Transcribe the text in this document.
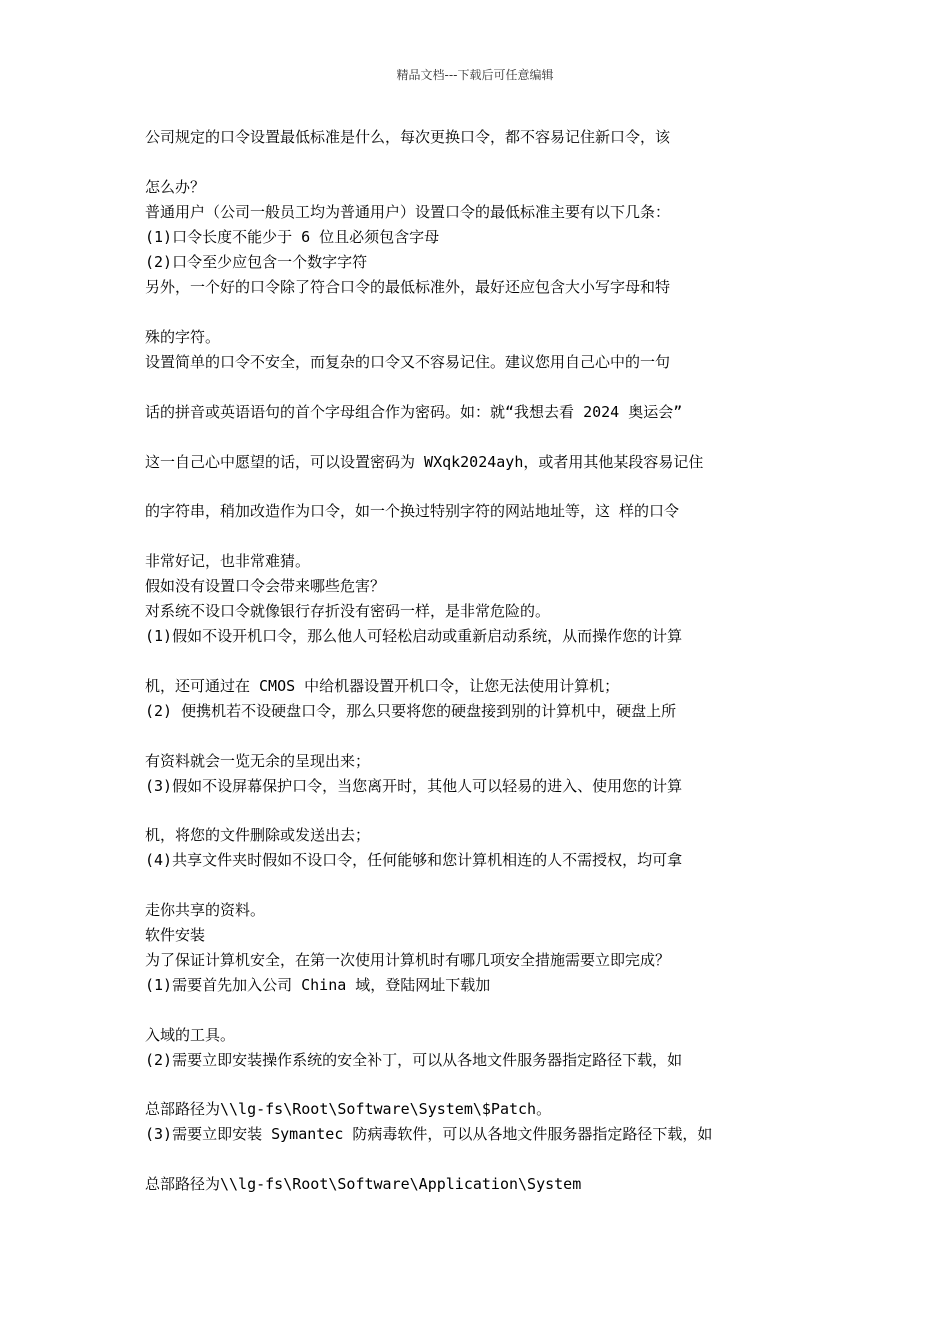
精品文档---下载后可任意编辑
公司规定的口令设置最低标准是什么，每次更换口令，都不容易记住新口令，该
怎么办？
普通用户（公司一般员工均为普通用户）设置口令的最低标准主要有以下几条：
(1)口令长度不能少于 6 位且必须包含字母
(2)口令至少应包含一个数字字符
另外，一个好的口令除了符合口令的最低标准外，最好还应包含大小写字母和特
殊的字符。
设置简单的口令不安全，而复杂的口令又不容易记住。建议您用自己心中的一句
话的拼音或英语语句的首个字母组合作为密码。如：就“我想去看 2024 奥运会”
这一自己心中愿望的话，可以设置密码为 WXqk2024ayh，或者用其他某段容易记住
的字符串，稍加改造作为口令，如一个换过特别字符的网站地址等，这 样的口令
非常好记，也非常难猜。
假如没有设置口令会带来哪些危害？
对系统不设口令就像银行存折没有密码一样，是非常危险的。
(1)假如不设开机口令，那么他人可轻松启动或重新启动系统，从而操作您的计算
机，还可通过在 CMOS 中给机器设置开机口令，让您无法使用计算机；
(2) 便携机若不设硬盘口令，那么只要将您的硬盘接到别的计算机中，硬盘上所
有资料就会一览无余的呈现出来；
(3)假如不设屏幕保护口令，当您离开时，其他人可以轻易的进入、使用您的计算
机，将您的文件删除或发送出去；
(4)共享文件夹时假如不设口令，任何能够和您计算机相连的人不需授权，均可拿
走你共享的资料。
软件安装
为了保证计算机安全，在第一次使用计算机时有哪几项安全措施需要立即完成？
(1)需要首先加入公司 China 域，登陆网址下载加
入域的工具。
(2)需要立即安装操作系统的安全补丁，可以从各地文件服务器指定路径下载，如
总部路径为\\lg-fs\Root\Software\System\$Patch。
(3)需要立即安装 Symantec 防病毒软件，可以从各地文件服务器指定路径下载，如
总部路径为\\lg-fs\Root\Software\Application\System
